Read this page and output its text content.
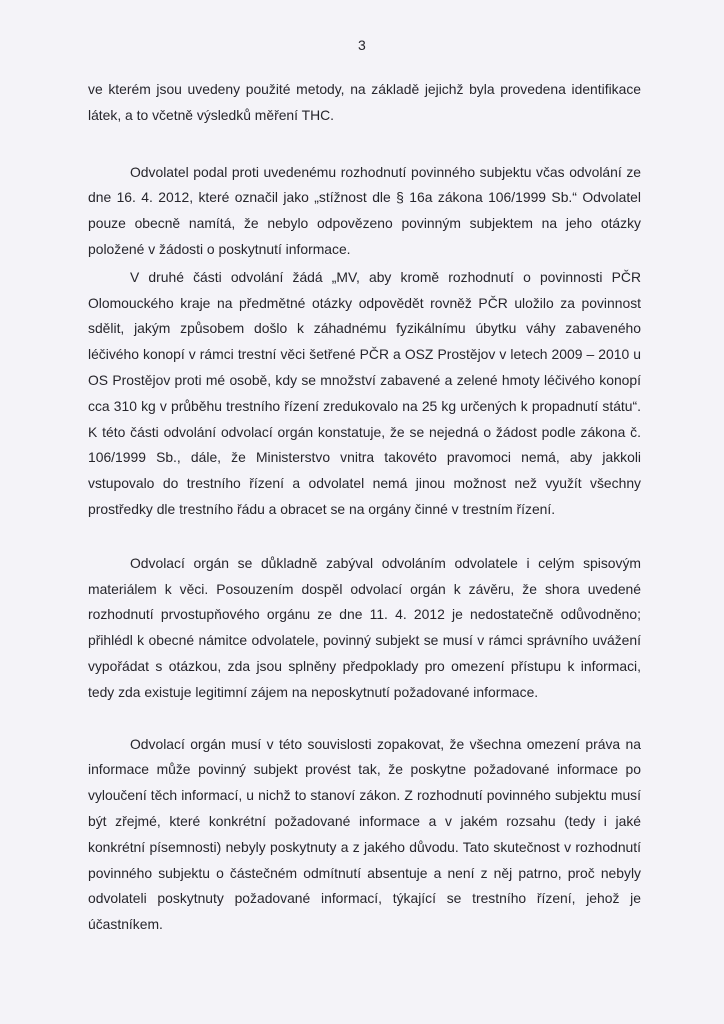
3

ve kterém jsou uvedeny použité metody, na základě jejichž byla provedena identifikace látek, a to včetně výsledků měření THC.

Odvolatel podal proti uvedenému rozhodnutí povinného subjektu včas odvolání ze dne 16. 4. 2012, které označil jako „stížnost dle § 16a zákona 106/1999 Sb.“ Odvolatel pouze obecně namítá, že nebylo odpovězeno povinným subjektem na jeho otázky položené v žádosti o poskytnutí informace.

V druhé části odvolání žádá „MV, aby kromě rozhodnutí o povinnosti PČR Olomouckého kraje na předmětné otázky odpovědět rovněž PČR uložilo za povinnost sdělit, jakým způsobem došlo k záhadnému fyzikálnímu úbytku váhy zabaveného léčivého konopí v rámci trestní věci šetřené PČR a OSZ Prostějov v letech 2009 – 2010 u OS Prostějov proti mé osobě, kdy se množství zabavené a zelené hmoty léčivého konopí cca 310 kg v průběhu trestního řízení zredukovalo na 25 kg určených k propadnutí státu“. K této části odvolání odvolací orgán konstatuje, že se nejedná o žádost podle zákona č. 106/1999 Sb., dále, že Ministerstvo vnitra takovéto pravomoci nemá, aby jakkoli vstupovalo do trestního řízení a odvolatel nemá jinou možnost než využít všechny prostředky dle trestního řádu a obracet se na orgány činné v trestním řízení.

Odvolací orgán se důkladně zabýval odvoláním odvolatele i celým spisovým materiálem k věci. Posouzením dospěl odvolací orgán k závěru, že shora uvedené rozhodnutí prvostupňového orgánu ze dne 11. 4. 2012 je nedostatečně odůvodněno; přihlédl k obecné námitce odvolatele, povinný subjekt se musí v rámci správního uvážení vypořádat s otázkou, zda jsou splněny předpoklady pro omezení přístupu k informaci, tedy zda existuje legitimní zájem na neposkytnutí požadované informace.

Odvolací orgán musí v této souvislosti zopakovat, že všechna omezení práva na informace může povinný subjekt provést tak, že poskytne požadované informace po vyloučení těch informací, u nichž to stanoví zákon. Z rozhodnutí povinného subjektu musí být zřejmé, které konkrétní požadované informace a v jakém rozsahu (tedy i jaké konkrétní písemnosti) nebyly poskytnuty a z jakého důvodu. Tato skutečnost v rozhodnutí povinného subjektu o částečném odmítnutí absentuje a není z něj patrno, proč nebyly odvolateli poskytnuty požadované informací, týkající se trestního řízení, jehož je účastníkem.
